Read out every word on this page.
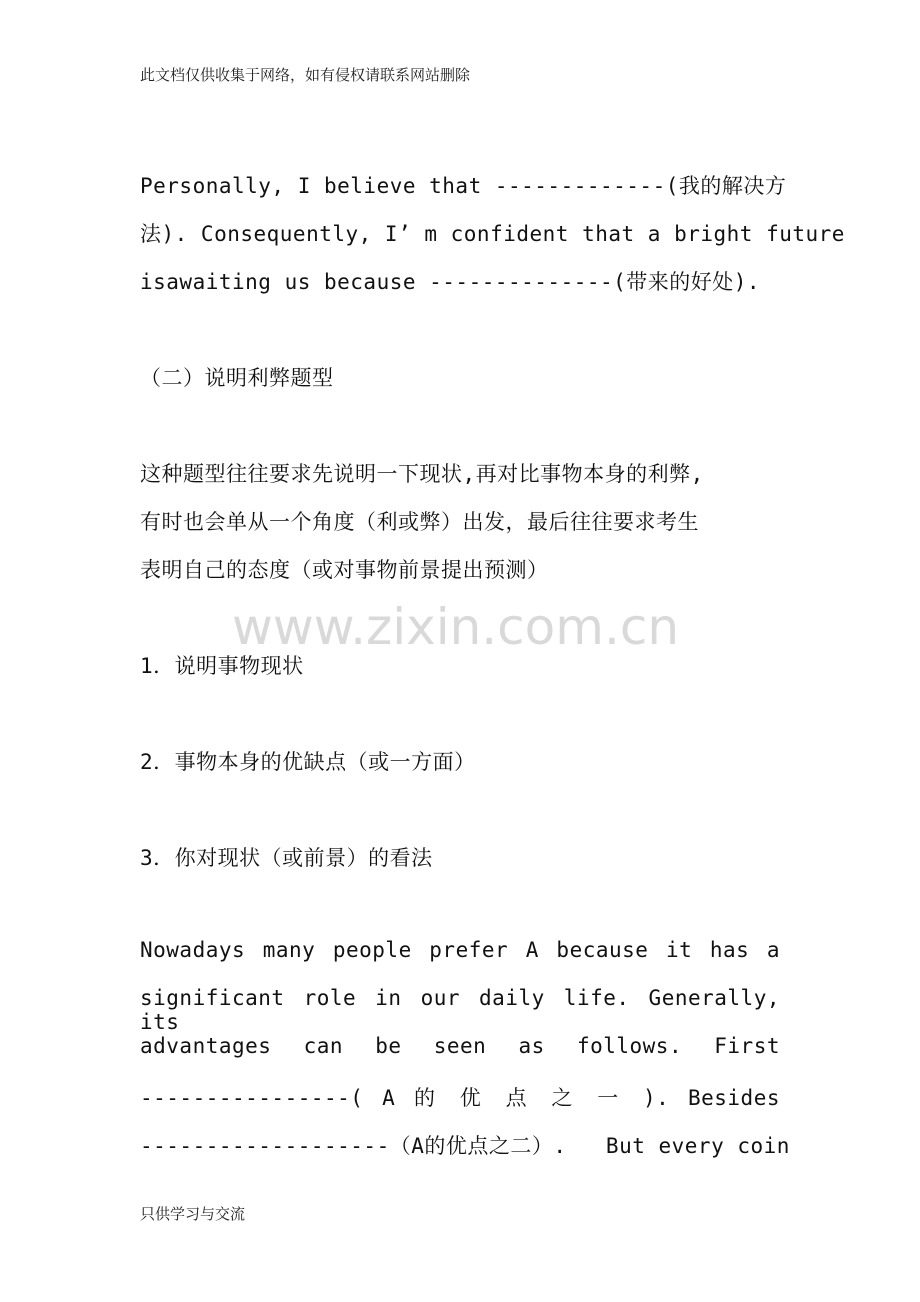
此文档仅供收集于网络，如有侵权请联系网站删除
Personally, I believe that -------------(我的解决方
法). Consequently, I’ m confident that a bright future
isawaiting us because --------------(带来的好处).
（二）说明利弊题型
这种题型往往要求先说明一下现状,再对比事物本身的利弊,
有时也会单从一个角度（利或弊）出发，最后往往要求考生
表明自己的态度（或对事物前景提出预测）
www.zixin.com.cn
1．说明事物现状
2．事物本身的优缺点（或一方面）
3．你对现状（或前景）的看法
Nowadays many people prefer A because it has a
significant role in our daily life. Generally, its
advantages can be seen as follows. First
----------------( A 的 优 点 之 一 ). Besides
-------------------（A的优点之二）.   But every coin
只供学习与交流
